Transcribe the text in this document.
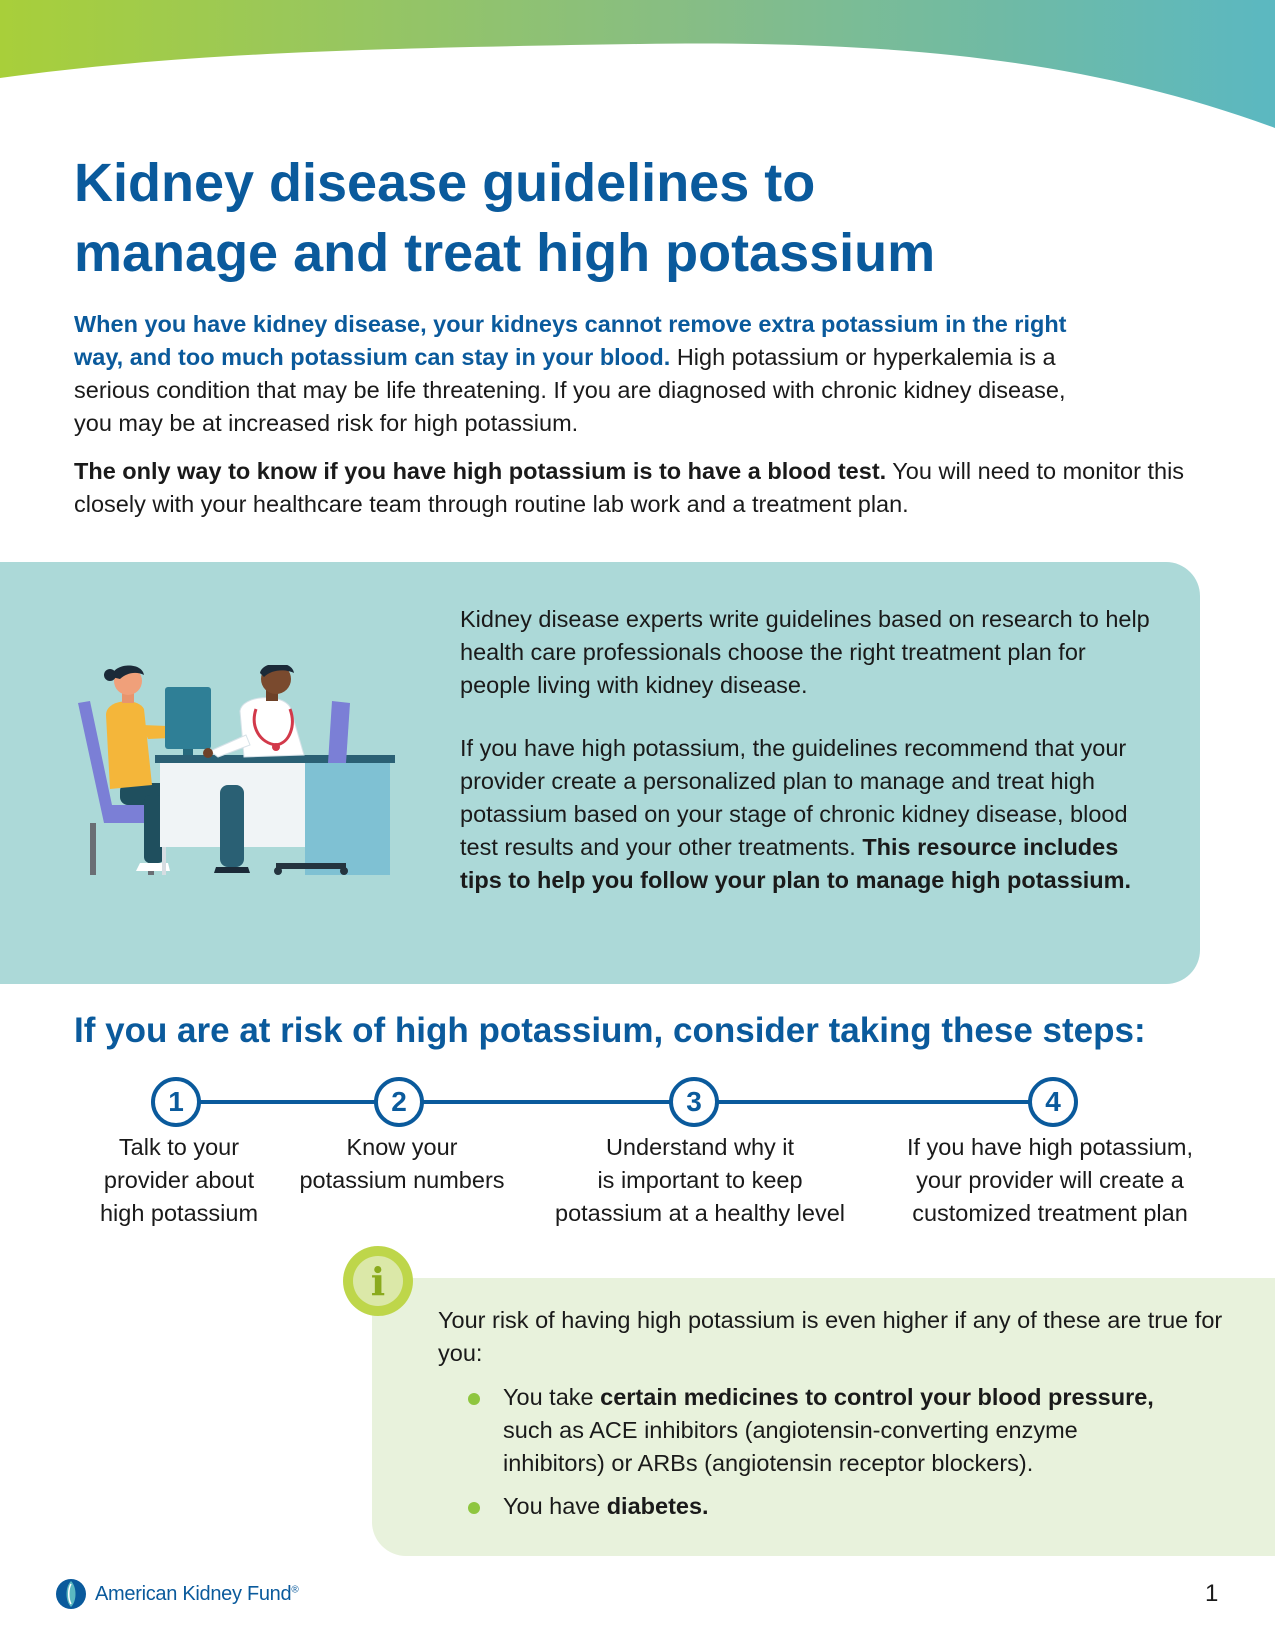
Kidney disease guidelines to
manage and treat high potassium

When you have kidney disease, your kidneys cannot remove extra potassium in the right way, and too much potassium can stay in your blood. High potassium or hyperkalemia is a serious condition that may be life threatening. If you are diagnosed with chronic kidney disease, you may be at increased risk for high potassium.

The only way to know if you have high potassium is to have a blood test. You will need to monitor this closely with your healthcare team through routine lab work and a treatment plan.

Kidney disease experts write guidelines based on research to help health care professionals choose the right treatment plan for people living with kidney disease.

If you have high potassium, the guidelines recommend that your provider create a personalized plan to manage and treat high potassium based on your stage of chronic kidney disease, blood test results and your other treatments. This resource includes tips to help you follow your plan to manage high potassium.

If you are at risk of high potassium, consider taking these steps:
1	2	3	4
Talk to your
provider about
high potassium
Know your
potassium numbers
Understand why it
is important to keep
potassium at a healthy level
If you have high potassium,
your provider will create a
customized treatment plan
i

Your risk of having high potassium is even higher if any of these are true for you:

You take certain medicines to control your blood pressure, such as ACE inhibitors (angiotensin-converting enzyme inhibitors) or ARBs (angiotensin receptor blockers).
You have diabetes.
American Kidney Fund®	1
